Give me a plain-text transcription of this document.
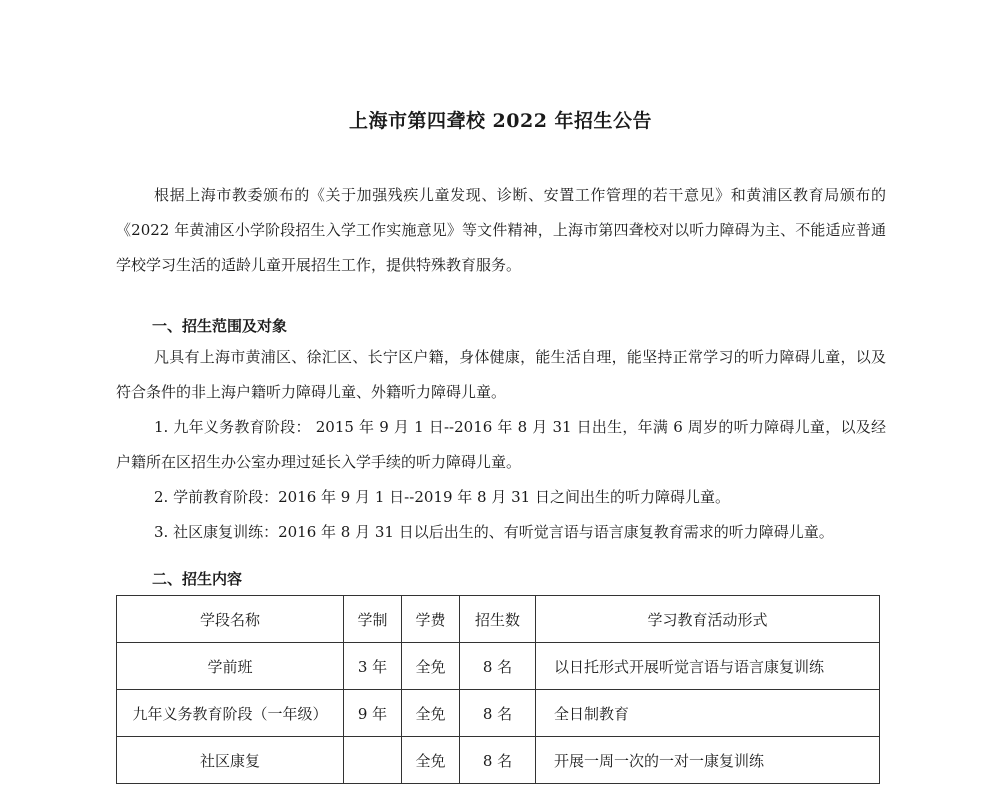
上海市第四聋校 2022 年招生公告
根据上海市教委颁布的《关于加强残疾儿童发现、诊断、安置工作管理的若干意见》和黄浦区教育局颁布的《2022 年黄浦区小学阶段招生入学工作实施意见》等文件精神，上海市第四聋校对以听力障碍为主、不能适应普通学校学习生活的适龄儿童开展招生工作，提供特殊教育服务。
一、招生范围及对象

凡具有上海市黄浦区、徐汇区、长宁区户籍，身体健康，能生活自理，能坚持正常学习的听力障碍儿童，以及符合条件的非上海户籍听力障碍儿童、外籍听力障碍儿童。

1. 九年义务教育阶段： 2015 年 9 月 1 日--2016 年 8 月 31 日出生，年满 6 周岁的听力障碍儿童，以及经户籍所在区招生办公室办理过延长入学手续的听力障碍儿童。

2. 学前教育阶段：2016 年 9 月 1 日--2019 年 8 月 31 日之间出生的听力障碍儿童。

3. 社区康复训练：2016 年 8 月 31 日以后出生的、有听觉言语与语言康复教育需求的听力障碍儿童。

二、招生内容
学段名称	学制	学费	招生数	学习教育活动形式
学前班	3 年	全免	8 名	以日托形式开展听觉言语与语言康复训练
九年义务教育阶段（一年级）	9 年	全免	8 名	全日制教育
社区康复		全免	8 名	开展一周一次的一对一康复训练
